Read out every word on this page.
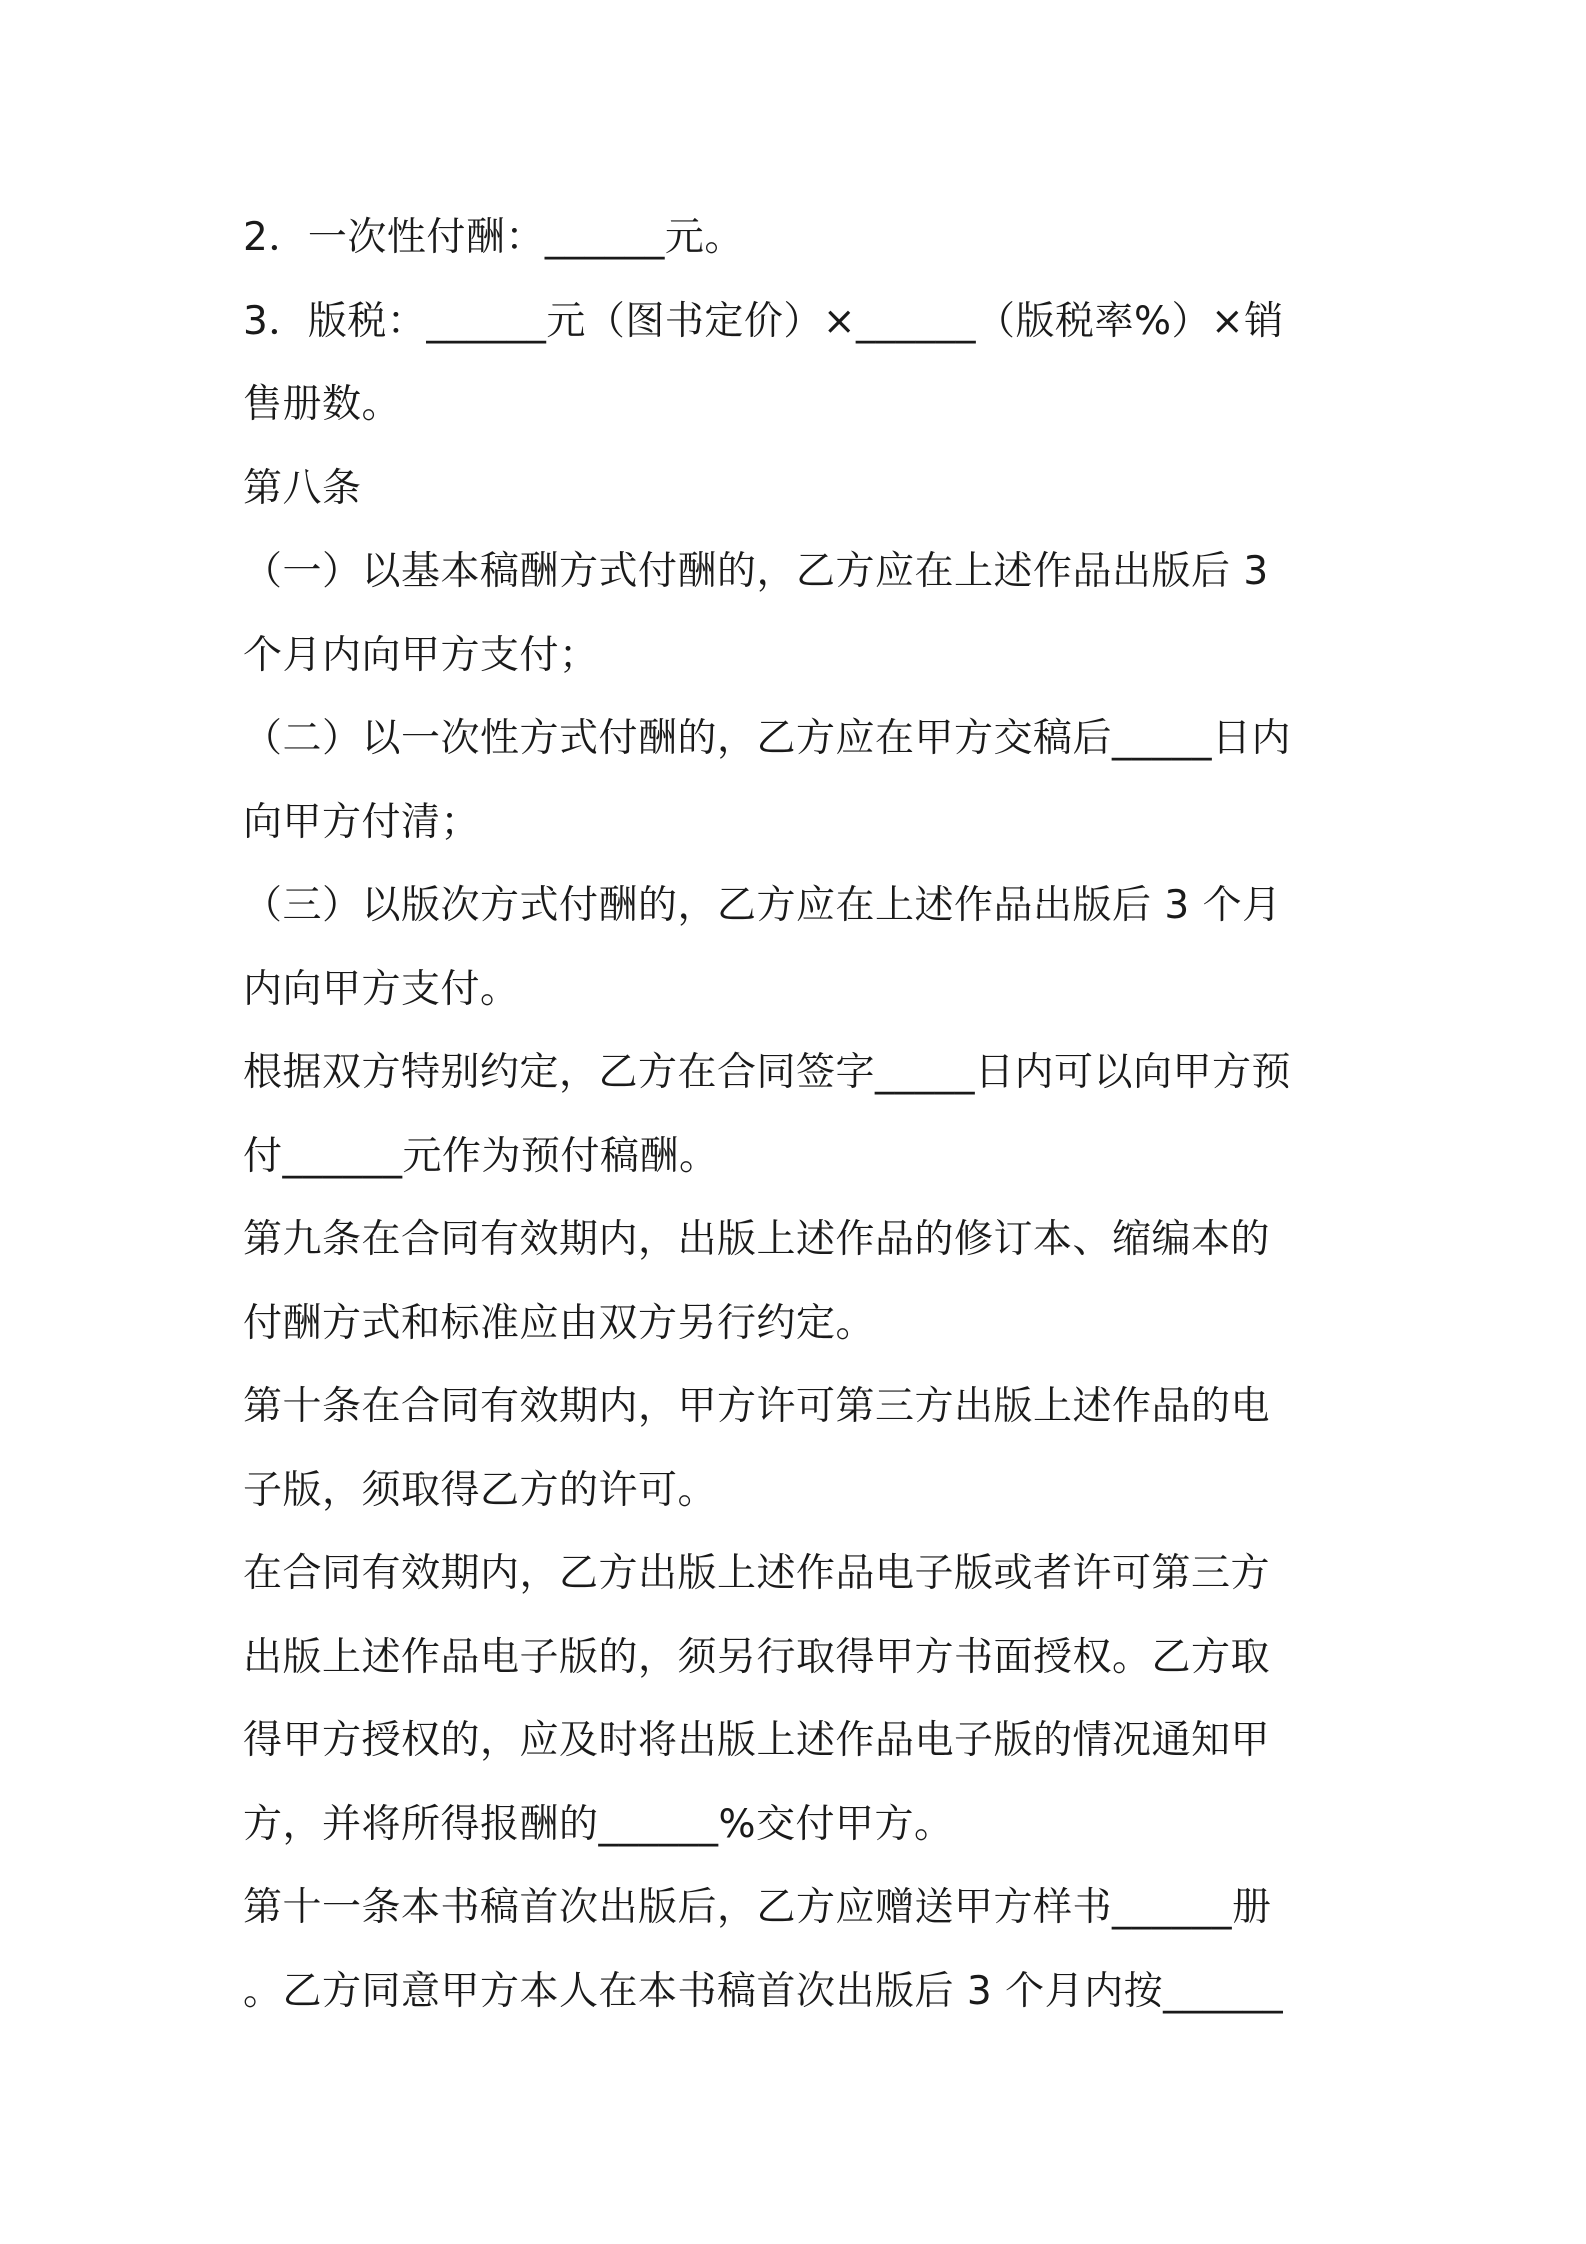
2．一次性付酬：______元。
3．版税：______元（图书定价）×______（版税率%）×销
售册数。
第八条
（一）以基本稿酬方式付酬的，乙方应在上述作品出版后 3
个月内向甲方支付；
（二）以一次性方式付酬的，乙方应在甲方交稿后_____日内
向甲方付清；
（三）以版次方式付酬的，乙方应在上述作品出版后 3 个月
内向甲方支付。
根据双方特别约定，乙方在合同签字_____日内可以向甲方预
付______元作为预付稿酬。
第九条在合同有效期内，出版上述作品的修订本、缩编本的
付酬方式和标准应由双方另行约定。
第十条在合同有效期内，甲方许可第三方出版上述作品的电
子版，须取得乙方的许可。
在合同有效期内，乙方出版上述作品电子版或者许可第三方
出版上述作品电子版的，须另行取得甲方书面授权。乙方取
得甲方授权的，应及时将出版上述作品电子版的情况通知甲
方，并将所得报酬的______%交付甲方。
第十一条本书稿首次出版后，乙方应赠送甲方样书______册
。乙方同意甲方本人在本书稿首次出版后 3 个月内按______
